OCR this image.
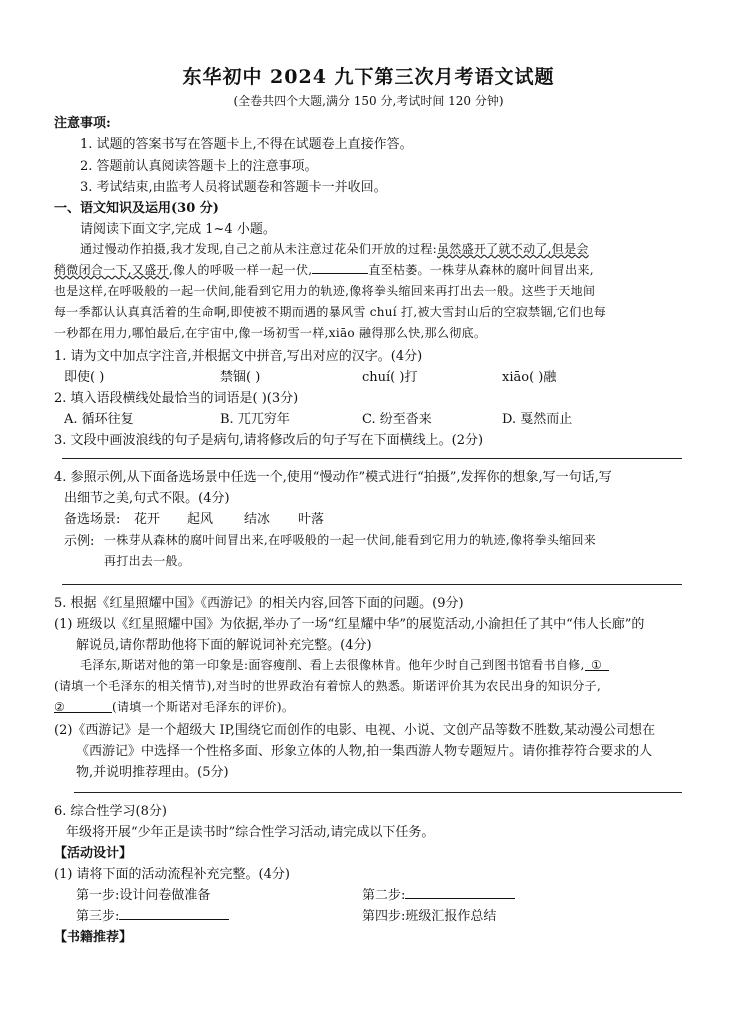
东华初中 2024 九下第三次月考语文试题
(全卷共四个大题,满分 150 分,考试时间 120 分钟)
注意事项:
1. 试题的答案书写在答题卡上,不得在试题卷上直接作答。
2. 答题前认真阅读答题卡上的注意事项。
3. 考试结束,由监考人员将试题卷和答题卡一并收回。
一、语文知识及运用(30 分)
请阅读下面文字,完成 1~4 小题。
通过慢动作拍摄,我才发现,自己之前从未注意过花朵们开放的过程:虽然盛开了就不动了,但是会
稍微闭合一下,又盛开,像人的呼吸一样一起一伏,	直至枯萎。一株芽从森林的腐叶间冒出来,
也是这样,在呼吸般的一起一伏间,能看到它用力的轨迹,像将拳头缩回来再打出去一般。这些于天地间
每一季都认认真真活着的生命啊,即使被不期而遇的暴风雪 chuí 打,被大雪封山后的空寂禁锢,它们也每
一秒都在用力,哪怕最后,在宇宙中,像一场初雪一样,xiāo 融得那么快,那么彻底。
1. 请为文中加点字注音,并根据文中拼音,写出对应的汉字。(4分)
即使( )	禁锢( )	chuí( )打	xiāo( )融
2. 填入语段横线处最恰当的词语是( )(3分)
A. 循环往复	B. 兀兀穷年	C. 纷至沓来	D. 戛然而止
3. 文段中画波浪线的句子是病句,请将修改后的句子写在下面横线上。(2分)
4. 参照示例,从下面备选场景中任选一个,使用“慢动作”模式进行“拍摄”,发挥你的想象,写一句话,写
出细节之美,句式不限。(4分)
备选场景: 花开 起风 结冰 叶落
示例: 一株芽从森林的腐叶间冒出来,在呼吸般的一起一伏间,能看到它用力的轨迹,像将拳头缩回来
再打出去一般。
5. 根据《红星照耀中国》《西游记》的相关内容,回答下面的问题。(9分)
(1) 班级以《红星照耀中国》为依据,举办了一场“红星耀中华”的展览活动,小渝担任了其中“伟人长廊”的
解说员,请你帮助他将下面的解说词补充完整。(4分)
毛泽东,斯诺对他的第一印象是:面容瘦削、看上去很像林肯。他年少时自己到图书馆看书自修, ①
(请填一个毛泽东的相关情节),对当时的世界政治有着惊人的熟悉。斯诺评价其为农民出身的知识分子,
②	(请填一个斯诺对毛泽东的评价)。
(2)《西游记》是一个超级大 IP,围绕它而创作的电影、电视、小说、文创产品等数不胜数,某动漫公司想在
《西游记》中选择一个性格多面、形象立体的人物,拍一集西游人物专题短片。请你推荐符合要求的人
物,并说明推荐理由。(5分)
6. 综合性学习(8分)
年级将开展“少年正是读书时”综合性学习活动,请完成以下任务。
【活动设计】
(1) 请将下面的活动流程补充完整。(4分)
第一步:设计问卷做准备	第二步:
第三步:	第四步:班级汇报作总结
【书籍推荐】
